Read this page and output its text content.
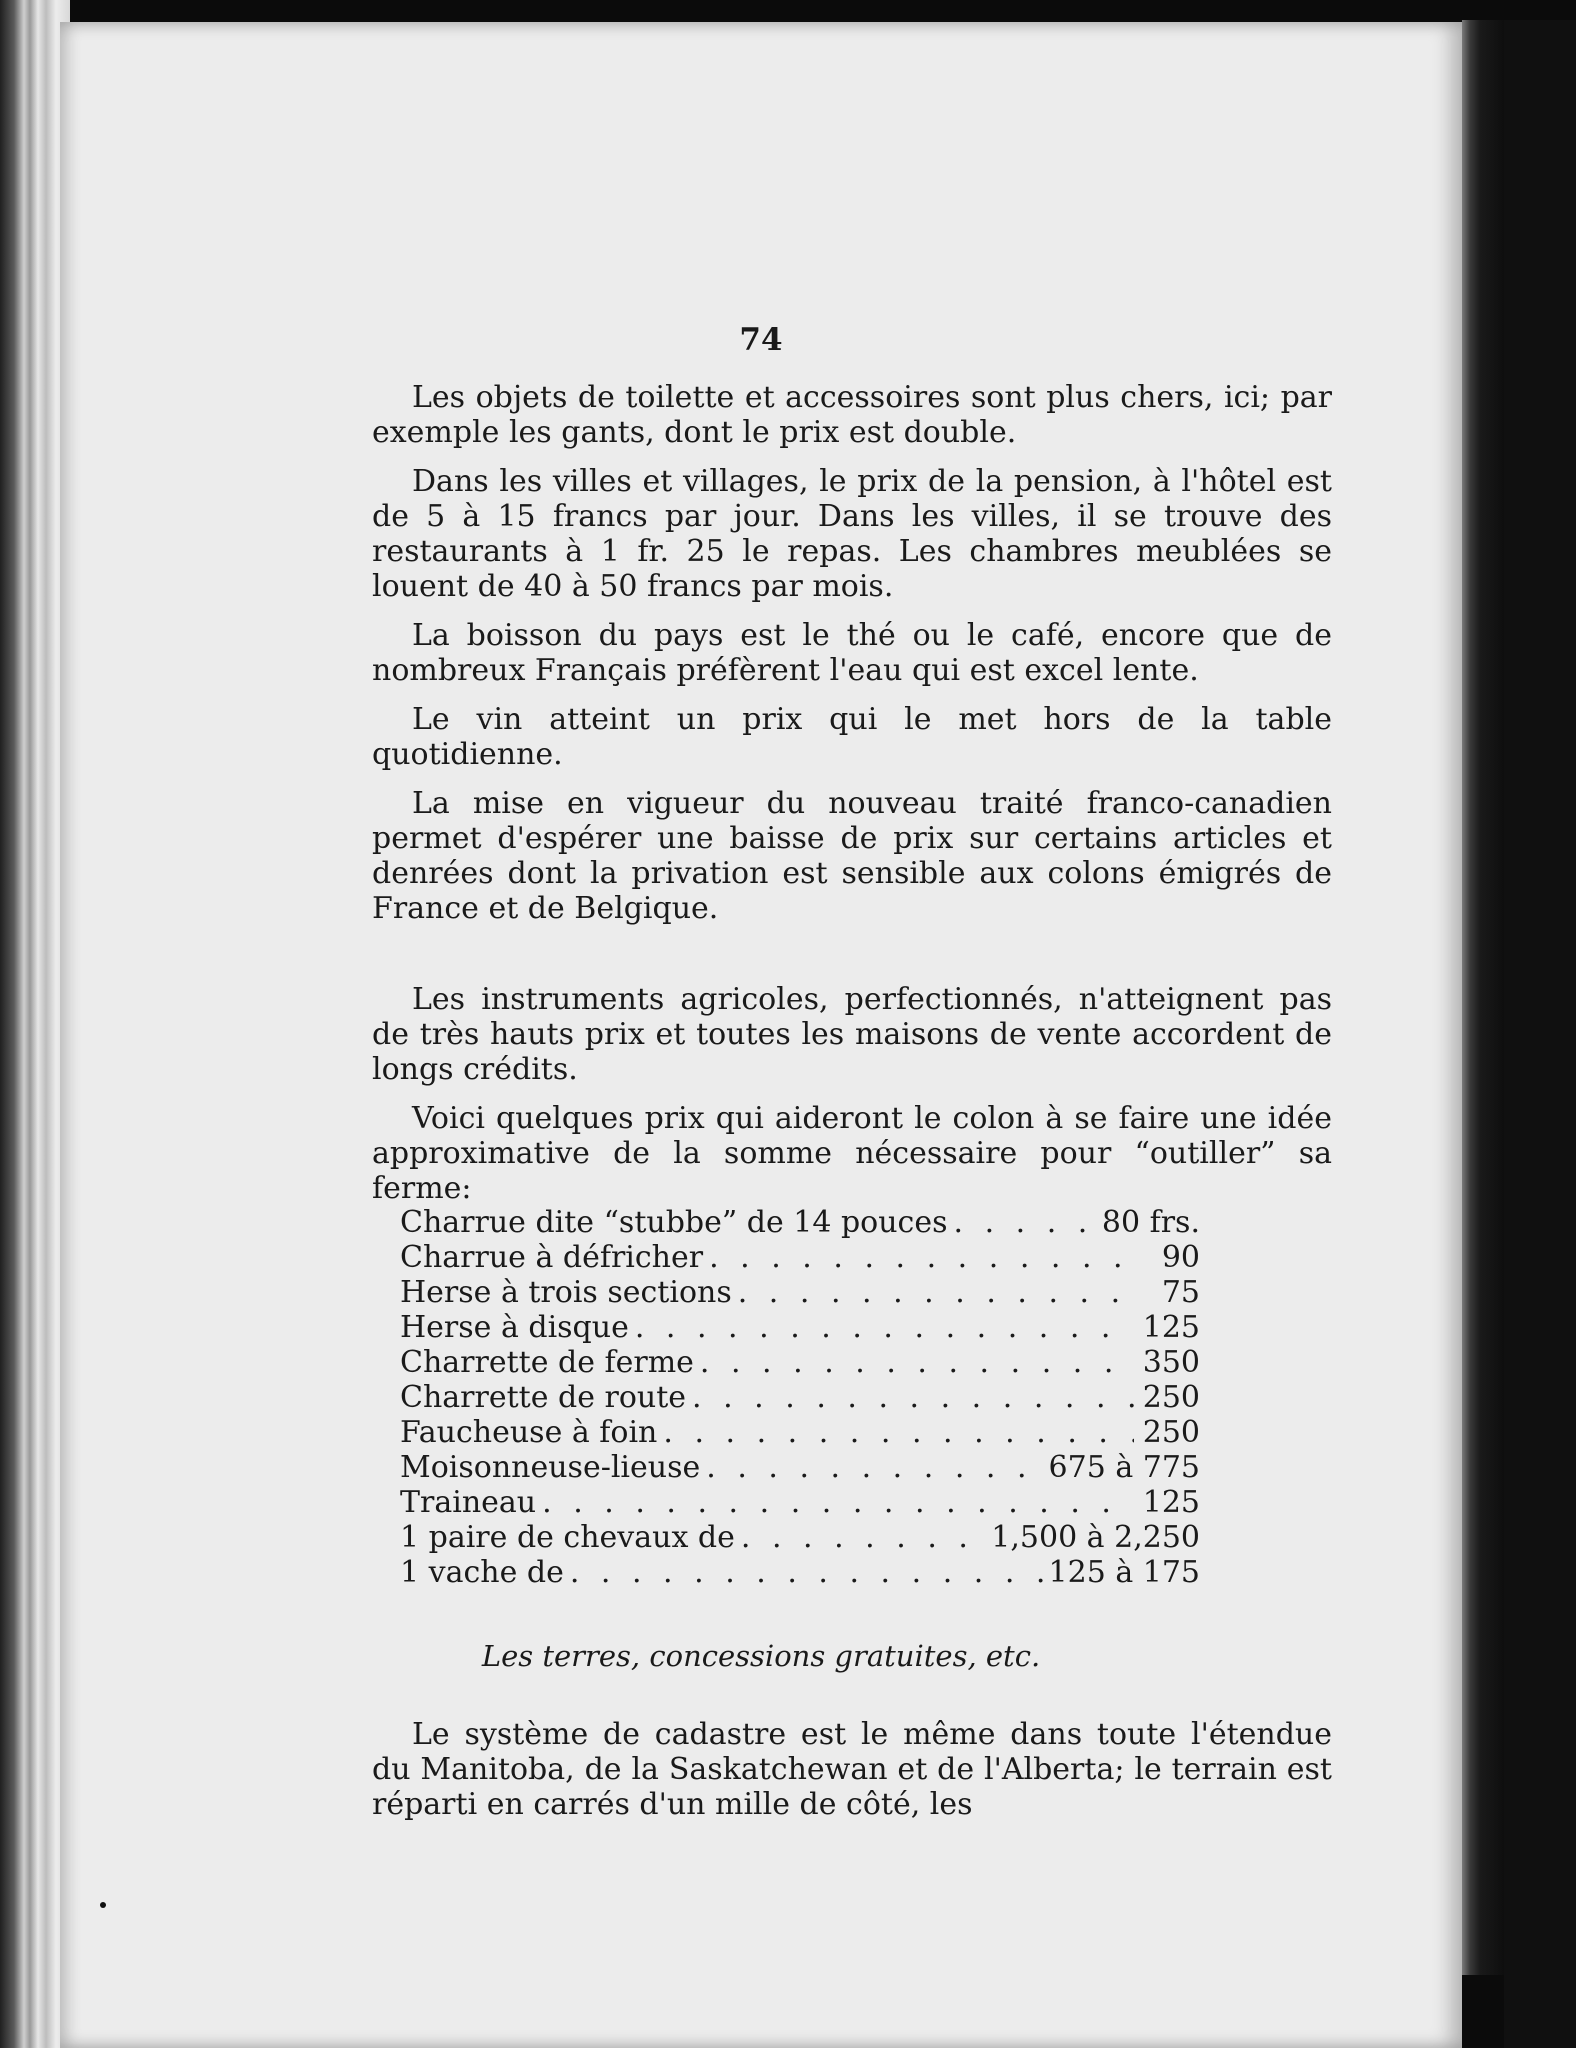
74

Les objets de toilette et accessoires sont plus chers, ici; par exemple les gants, dont le prix est double.

Dans les villes et villages, le prix de la pension, à l'hôtel est de 5 à 15 francs par jour. Dans les villes, il se trouve des restaurants à 1 fr. 25 le repas. Les chambres meublées se louent de 40 à 50 francs par mois.

La boisson du pays est le thé ou le café, encore que de nombreux Français préfèrent l'eau qui est excel lente.

Le vin atteint un prix qui le met hors de la table quotidienne.

La mise en vigueur du nouveau traité franco-canadien permet d'espérer une baisse de prix sur certains articles et denrées dont la privation est sensible aux colons émigrés de France et de Belgique.

Les instruments agricoles, perfectionnés, n'atteignent pas de très hauts prix et toutes les maisons de vente accordent de longs crédits.

Voici quelques prix qui aideront le colon à se faire une idée approximative de la somme nécessaire pour “outiller” sa ferme:

Charrue dite “stubbe” de 14 pouces . . .	80 frs.
Charrue à défricher . . .	90
Herse à trois sections . . .	75
Herse à disque . . .	125
Charrette de ferme . . .	350
Charrette de route . . .	250
Faucheuse à foin . . .	250
Moisonneuse-lieuse . . .	675 à 775
Traineau . . .	125
1 paire de chevaux de . . .	1,500 à 2,250
1 vache de . . .	125 à 175
Les terres, concessions gratuites, etc.

Le système de cadastre est le même dans toute l'étendue du Manitoba, de la Saskatchewan et de l'Alberta; le terrain est réparti en carrés d'un mille de côté, les
